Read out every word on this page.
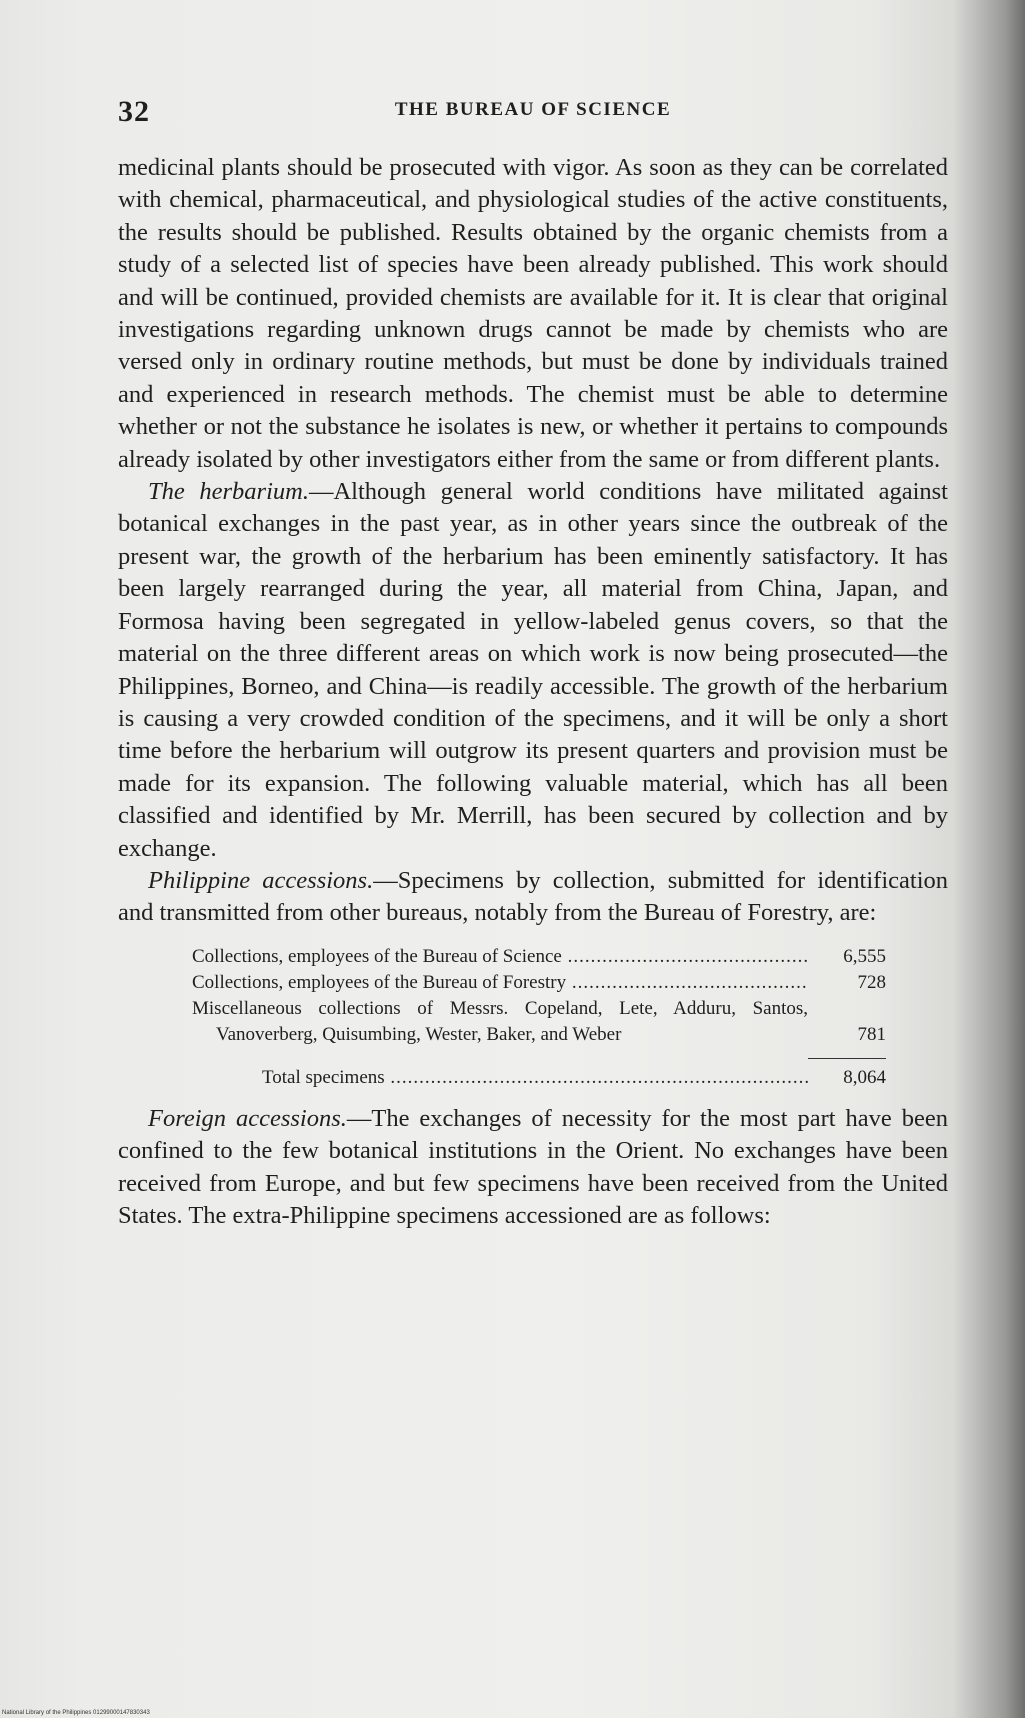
32	THE BUREAU OF SCIENCE

medicinal plants should be prosecuted with vigor. As soon as they can be correlated with chemical, pharmaceutical, and physiological studies of the active constituents, the results should be published. Results obtained by the organic chemists from a study of a selected list of species have been already published. This work should and will be continued, provided chemists are available for it. It is clear that original investigations regarding unknown drugs cannot be made by chemists who are versed only in ordinary routine methods, but must be done by individuals trained and experienced in research methods. The chemist must be able to determine whether or not the substance he isolates is new, or whether it pertains to compounds already isolated by other investigators either from the same or from different plants.

The herbarium.—Although general world conditions have militated against botanical exchanges in the past year, as in other years since the outbreak of the present war, the growth of the herbarium has been eminently satisfactory. It has been largely rearranged during the year, all material from China, Japan, and Formosa having been segregated in yellow-labeled genus covers, so that the material on the three different areas on which work is now being prosecuted—the Philippines, Borneo, and China—is readily accessible. The growth of the herbarium is causing a very crowded condition of the specimens, and it will be only a short time before the herbarium will outgrow its present quarters and provision must be made for its expansion. The following valuable material, which has all been classified and identified by Mr. Merrill, has been secured by collection and by exchange.

Philippine accessions.—Specimens by collection, submitted for identification and transmitted from other bureaus, notably from the Bureau of Forestry, are:

Collections, employees of the Bureau of Science .....	6,555
Collections, employees of the Bureau of Forestry .....	728
Miscellaneous collections of Messrs. Copeland, Lete, Adduru, Santos, Vanoverberg, Quisumbing, Wester, Baker, and Weber	781
Total specimens .....	8,064

Foreign accessions.—The exchanges of necessity for the most part have been confined to the few botanical institutions in the Orient. No exchanges have been received from Europe, and but few specimens have been received from the United States. The extra-Philippine specimens accessioned are as follows:

National Library of the Philippines 01299000147830343
